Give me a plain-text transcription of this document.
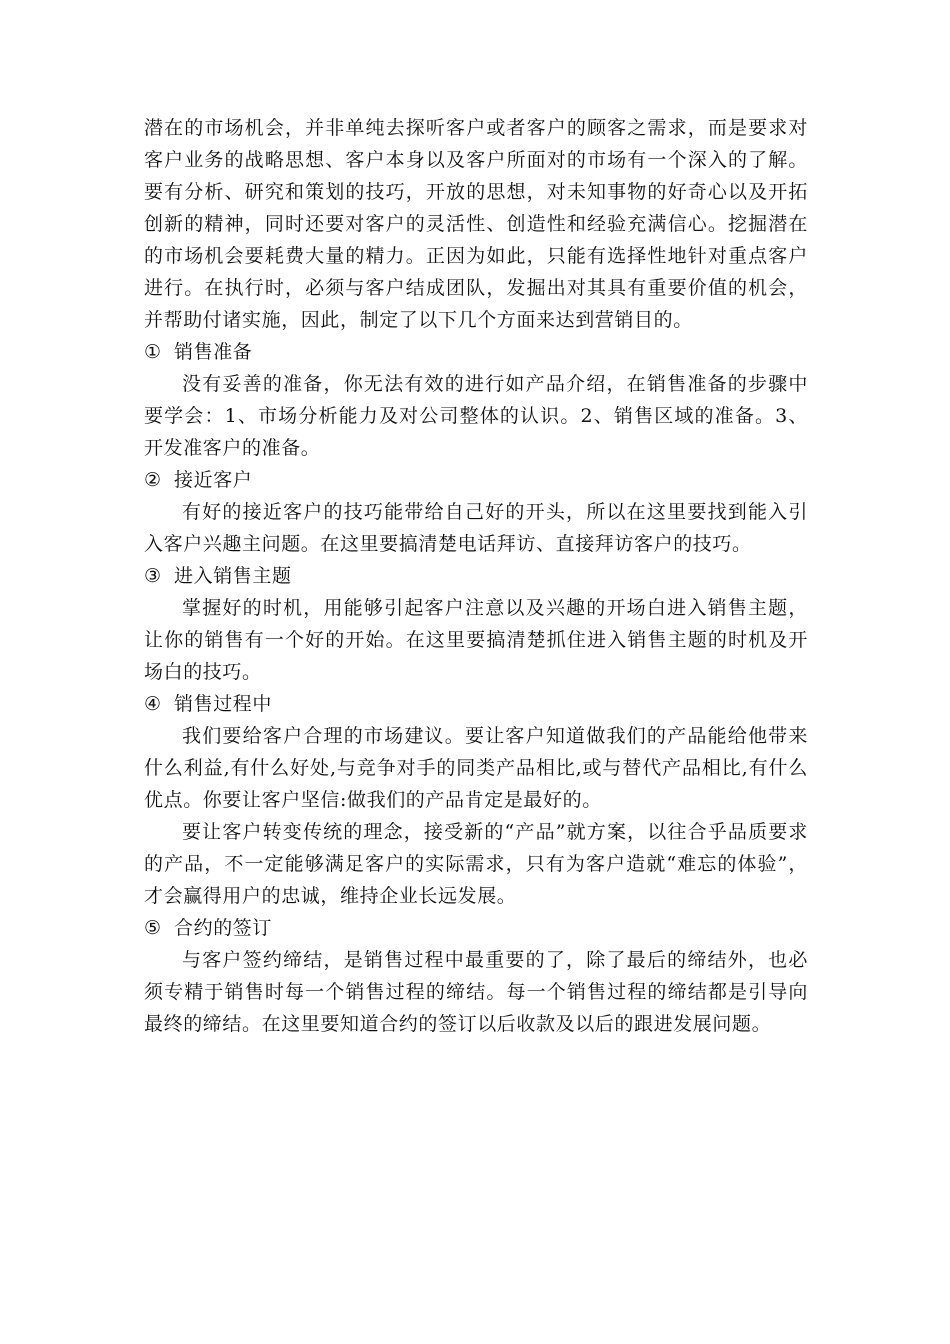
潜在的市场机会，并非单纯去探听客户或者客户的顾客之需求，而是要求对客户业务的战略思想、客户本身以及客户所面对的市场有一个深入的了解。要有分析、研究和策划的技巧，开放的思想，对未知事物的好奇心以及开拓创新的精神，同时还要对客户的灵活性、创造性和经验充满信心。挖掘潜在的市场机会要耗费大量的精力。正因为如此，只能有选择性地针对重点客户进行。在执行时，必须与客户结成团队，发掘出对其具有重要价值的机会，并帮助付诸实施，因此，制定了以下几个方面来达到营销目的。

① 销售准备

没有妥善的准备，你无法有效的进行如产品介绍，在销售准备的步骤中要学会：1、市场分析能力及对公司整体的认识。2、销售区域的准备。3、开发准客户的准备。

② 接近客户

有好的接近客户的技巧能带给自己好的开头，所以在这里要找到能入引入客户兴趣主问题。在这里要搞清楚电话拜访、直接拜访客户的技巧。

③ 进入销售主题

掌握好的时机，用能够引起客户注意以及兴趣的开场白进入销售主题，让你的销售有一个好的开始。在这里要搞清楚抓住进入销售主题的时机及开场白的技巧。

④ 销售过程中

我们要给客户合理的市场建议。要让客户知道做我们的产品能给他带来什么利益,有什么好处,与竞争对手的同类产品相比,或与替代产品相比,有什么优点。你要让客户坚信:做我们的产品肯定是最好的。

要让客户转变传统的理念，接受新的“产品”就方案，以往合乎品质要求的产品，不一定能够满足客户的实际需求，只有为客户造就“难忘的体验”，才会赢得用户的忠诚，维持企业长远发展。

⑤ 合约的签订

与客户签约缔结，是销售过程中最重要的了，除了最后的缔结外，也必须专精于销售时每一个销售过程的缔结。每一个销售过程的缔结都是引导向最终的缔结。在这里要知道合约的签订以后收款及以后的跟进发展问题。
